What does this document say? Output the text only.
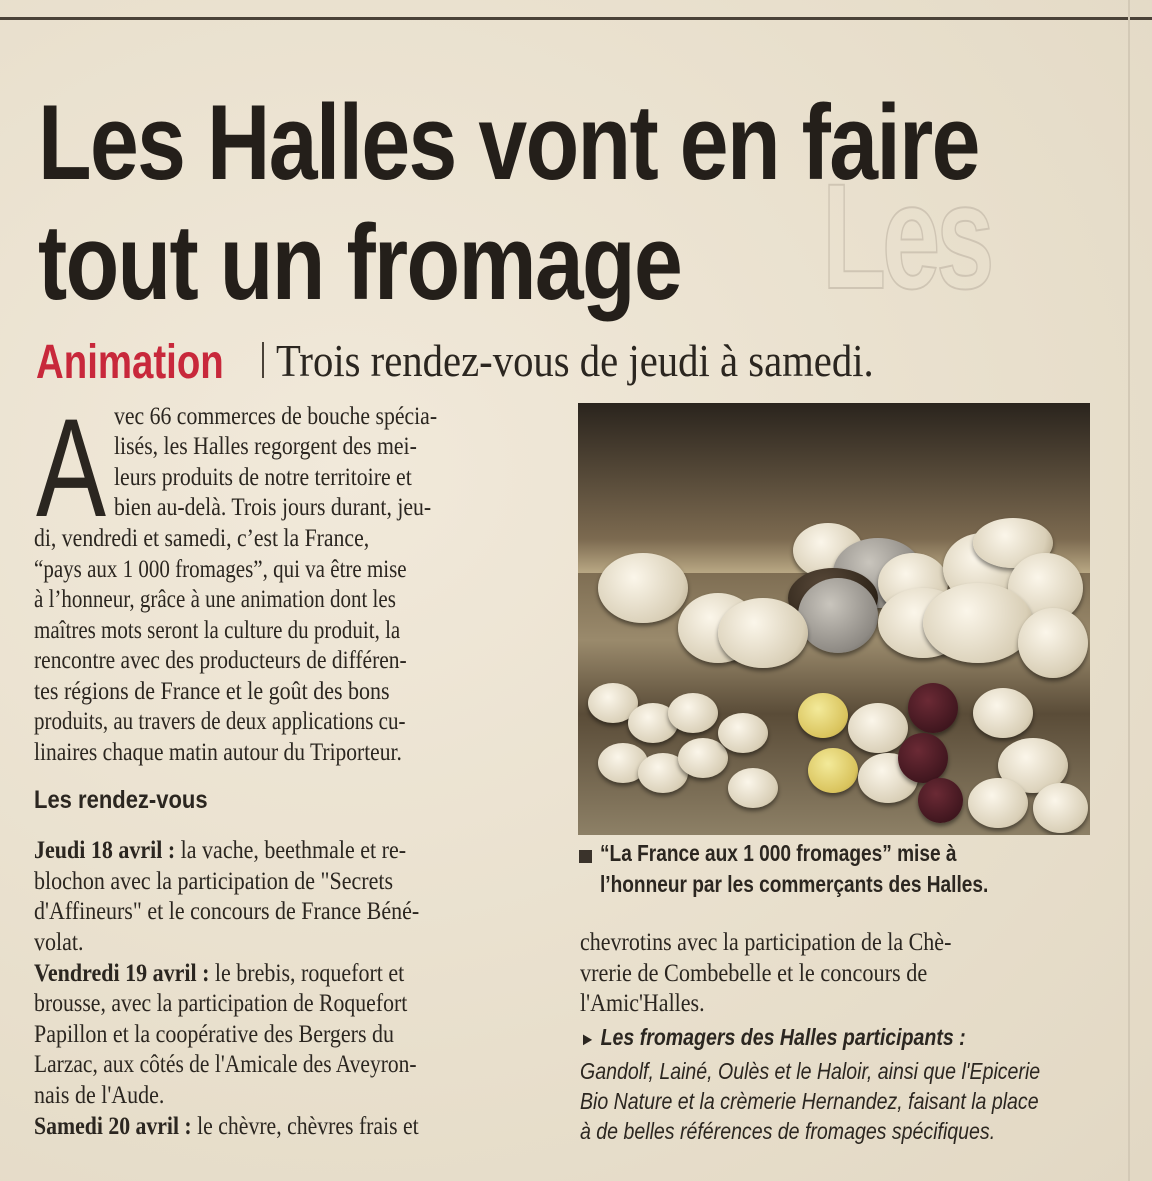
Les
Les Halles vont en faire
tout un fromage
Animation Trois rendez-vous de jeudi à samedi.
A vec 66 commerces de bouche spécia-
lisés, les Halles regorgent des mei-
leurs produits de notre territoire et
bien au-delà. Trois jours durant, jeu-
di, vendredi et samedi, c’est la France,
“pays aux 1 000 fromages”, qui va être mise
à l’honneur, grâce à une animation dont les
maîtres mots seront la culture du produit, la
rencontre avec des producteurs de différen-
tes régions de France et le goût des bons
produits, au travers de deux applications cu-
linaires chaque matin autour du Triporteur.
Les rendez-vous
Jeudi 18 avril : la vache, beethmale et re-
blochon avec la participation de "Secrets
d'Affineurs" et le concours de France Béné-
volat.
Vendredi 19 avril : le brebis, roquefort et
brousse, avec la participation de Roquefort
Papillon et la coopérative des Bergers du
Larzac, aux côtés de l'Amicale des Aveyron-
nais de l'Aude.
Samedi 20 avril : le chèvre, chèvres frais et
“La France aux 1 000 fromages” mise à
l’honneur par les commerçants des Halles.
chevrotins avec la participation de la Chè-
vrerie de Combebelle et le concours de
l'Amic'Halles.
► Les fromagers des Halles participants :
Gandolf, Lainé, Oulès et le Haloir, ainsi que l'Epicerie
Bio Nature et la crèmerie Hernandez, faisant la place
à de belles références de fromages spécifiques.
